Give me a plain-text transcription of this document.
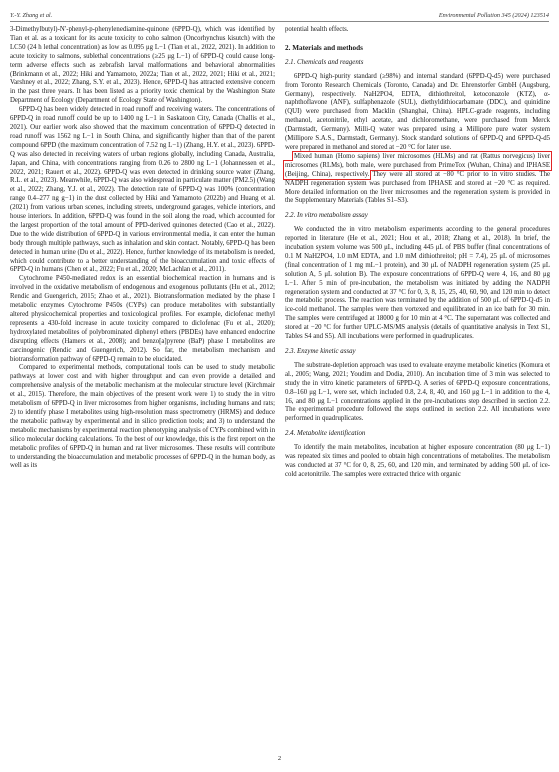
Y.-Y. Zhang et al.	Environmental Pollution 345 (2024) 123514

3-Dimethylbutyl)-N′-phenyl-p-phenylenediamine-quinone (6PPD-Q), which was identified by Tian et al. as a toxicant for its acute toxicity to coho salmon (Oncorhynchus kisutch) with the LC50 (24 h lethal concentration) as low as 0.095 μg L−1 (Tian et al., 2022, 2021). In addition to acute toxicity to salmons, sublethal concentrations (≥25 μg L−1) of 6PPD-Q could cause long-term adverse effects such as zebrafish larval malformations and behavioral abnormalities (Brinkmann et al., 2022; Hiki and Yamamoto, 2022a; Tian et al., 2022, 2021; Hiki et al., 2021; Varshney et al., 2022; Zhang, S.Y. et al., 2023). Hence, 6PPD-Q has attracted extensive concern in the past three years. It has been listed as a priority toxic chemical by the Washington State Department of Ecology (Department of Ecology State of Washington).

6PPD-Q has been widely detected in road runoff and receiving waters. The concentrations of 6PPD-Q in road runoff could be up to 1400 ng L−1 in Saskatoon City, Canada (Challis et al., 2021). Our earlier work also showed that the maximum concentration of 6PPD-Q detected in road runoff was 1562 ng L−1 in South China, and significantly higher than that of the parent compound 6PPD (the maximum concentration of 7.52 ng L−1) (Zhang, H.Y. et al., 2023). 6PPD-Q was also detected in receiving waters of urban regions globally, including Canada, Australia, Japan, and China, with concentrations ranging from 0.26 to 2800 ng L−1 (Johannessen et al., 2022, 2021; Rauert et al., 2022). 6PPD-Q was even detected in drinking source water (Zhang, R.L. et al., 2023). Meanwhile, 6PPD-Q was also widespread in particulate matter (PM2.5) (Wang et al., 2022; Zhang, Y.J. et al., 2022). The detection rate of 6PPD-Q was 100% (concentration range 0.4–277 ng g−1) in the dust collected by Hiki and Yamamoto (2022b) and Huang et al. (2021) from various urban scenes, including streets, underground garages, vehicle interiors, and house interiors. In addition, 6PPD-Q was found in the soil along the road, which accounted for the largest proportion of the total amount of PPD-derived quinones detected (Cao et al., 2022). Due to the wide distribution of 6PPD-Q in various environmental media, it can enter the human body through multiple pathways, such as inhalation and skin contact. Notably, 6PPD-Q has been detected in human urine (Du et al., 2022). Hence, further knowledge of its metabolism is needed, which could contribute to a better understanding of the bioaccumulation and toxic effects of 6PPD-Q in humans (Chen et al., 2022; Fu et al., 2020; McLachlan et al., 2011).

Cytochrome P450-mediated redox is an essential biochemical reaction in humans and is involved in the oxidative metabolism of endogenous and exogenous pollutants (Hu et al., 2012; Rendic and Guengerich, 2015; Zhao et al., 2021). Biotransformation mediated by the phase I metabolic enzymes Cytochrome P450s (CYPs) can produce metabolites with substantially altered physicochemical properties and toxicological profiles. For example, diclofenac methyl represents a 430-fold increase in acute toxicity compared to diclofenac (Fu et al., 2020); hydroxylated metabolites of polybrominated diphenyl ethers (PBDEs) have enhanced endocrine disrupting effects (Hamers et al., 2008); and benzo[a]pyrene (BaP) phase I metabolites are carcinogenic (Rendic and Guengerich, 2012). So far, the metabolism mechanism and biotransformation pathway of 6PPD-Q remain to be elucidated.

Compared to experimental methods, computational tools can be used to study metabolic pathways at lower cost and with higher throughput and can even provide a detailed and comprehensive analysis of the metabolic mechanism at the molecular structure level (Kirchmair et al., 2015). Therefore, the main objectives of the present work were 1) to study the in vitro metabolism of 6PPD-Q in liver microsomes from higher organisms, including humans and rats; 2) to identify phase I metabolites using high-resolution mass spectrometry (HRMS) and deduce the metabolic pathway by experimental and in silico prediction tools; and 3) to understand the metabolic mechanisms by experimental reaction phenotyping analysis of CYPs combined with in silico molecular docking calculations. To the best of our knowledge, this is the first report on the metabolic profiles of 6PPD-Q in human and rat liver microsomes. These results will contribute to understanding the bioaccumulation and metabolic processes of 6PPD-Q in the human body, as well as its

potential health effects.

2. Materials and methods
2.1. Chemicals and reagents

6PPD-Q high-purity standard (≥98%) and internal standard (6PPD-Q-d5) were purchased from Toronto Research Chemicals (Toronto, Canada) and Dr. Ehrenstorfer GmbH (Augsburg, Germany), respectively. NaH2PO4, EDTA, dithiothreitol, ketoconazole (KTZ), α-naphthoflavone (ANF), sulfaphenazole (SUL), diethyldithiocarbamate (DDC), and quinidine (QUI) were purchased from Macklin (Shanghai, China). HPLC-grade reagents, including methanol, acetonitrile, ethyl acetate, and dichloromethane, were purchased from Merck (Darmstadt, Germany). Milli-Q water was prepared using a Millipore pure water system (Millipore S.A.S., Darmstadt, Germany). Stock standard solutions of 6PPD-Q and 6PPD-Q-d5 were prepared in methanol and stored at −20 °C for later use.

Mixed human (Homo sapiens) liver microsomes (HLMs) and rat (Rattus norvegicus) liver microsomes (RLMs), both male, were purchased from PrimeTox (Wuhan, China) and IPHASE (Beijing, China), respectively. They were all stored at −80 °C prior to in vitro studies. The NADPH regeneration system was purchased from IPHASE and stored at −20 °C as required. More detailed information on the liver microsomes and the regeneration system is provided in the Supplementary Materials (Tables S1–S3).

2.2. In vitro metabolism assay

We conducted the in vitro metabolism experiments according to the general procedures reported in literature (He et al., 2021; Hou et al., 2018; Zhang et al., 2018). In brief, the incubation system volume was 500 μL, including 445 μL of PBS buffer (final concentrations of 0.1 M NaH2PO4, 1.0 mM EDTA, and 1.0 mM dithiothreitol; pH = 7.4), 25 μL of microsomes (final concentration of 1 mg mL−1 protein), and 30 μL of NADPH regeneration system (25 μL solution A, 5 μL solution B). The exposure concentrations of 6PPD-Q were 4, 16, and 80 μg L−1. After 5 min of pre-incubation, the metabolism was initiated by adding the NADPH regeneration system and conducted at 37 °C for 0, 3, 8, 15, 25, 40, 60, 90, and 120 min to detect the metabolic process. The reaction was terminated by the addition of 500 μL of 6PPD-Q-d5 in ice-cold methanol. The samples were then vortexed and equilibrated in an ice bath for 30 min. The samples were centrifuged at 18000 g for 10 min at 4 °C. The supernatant was collected and stored at −20 °C for further UPLC-MS/MS analysis (details of quantitative analysis in Text S1, Tables S4 and S5). All incubations were performed in quadruplicates.

2.3. Enzyme kinetic assay

The substrate-depletion approach was used to evaluate enzyme metabolic kinetics (Komura et al., 2005; Wang, 2021; Youdim and Dodia, 2010). An incubation time of 3 min was selected to study the in vitro kinetic parameters of 6PPD-Q. A series of 6PPD-Q exposure concentrations, 0.8–160 μg L−1, were set, which included 0.8, 2.4, 8, 40, and 160 μg L−1 in addition to the 4, 16, and 80 μg L−1 concentrations applied in the pre-incubations step described in section 2.2. The experimental procedure followed the steps outlined in section 2.2. All incubations were performed in quadruplicates.

2.4. Metabolite identification

To identify the main metabolites, incubation at higher exposure concentration (80 μg L−1) was repeated six times and pooled to obtain high concentrations of metabolites. The metabolism was conducted at 37 °C for 0, 8, 25, 60, and 120 min, and terminated by adding 500 μL of ice-cold acetonitrile. The samples were extracted thrice with organic

2
